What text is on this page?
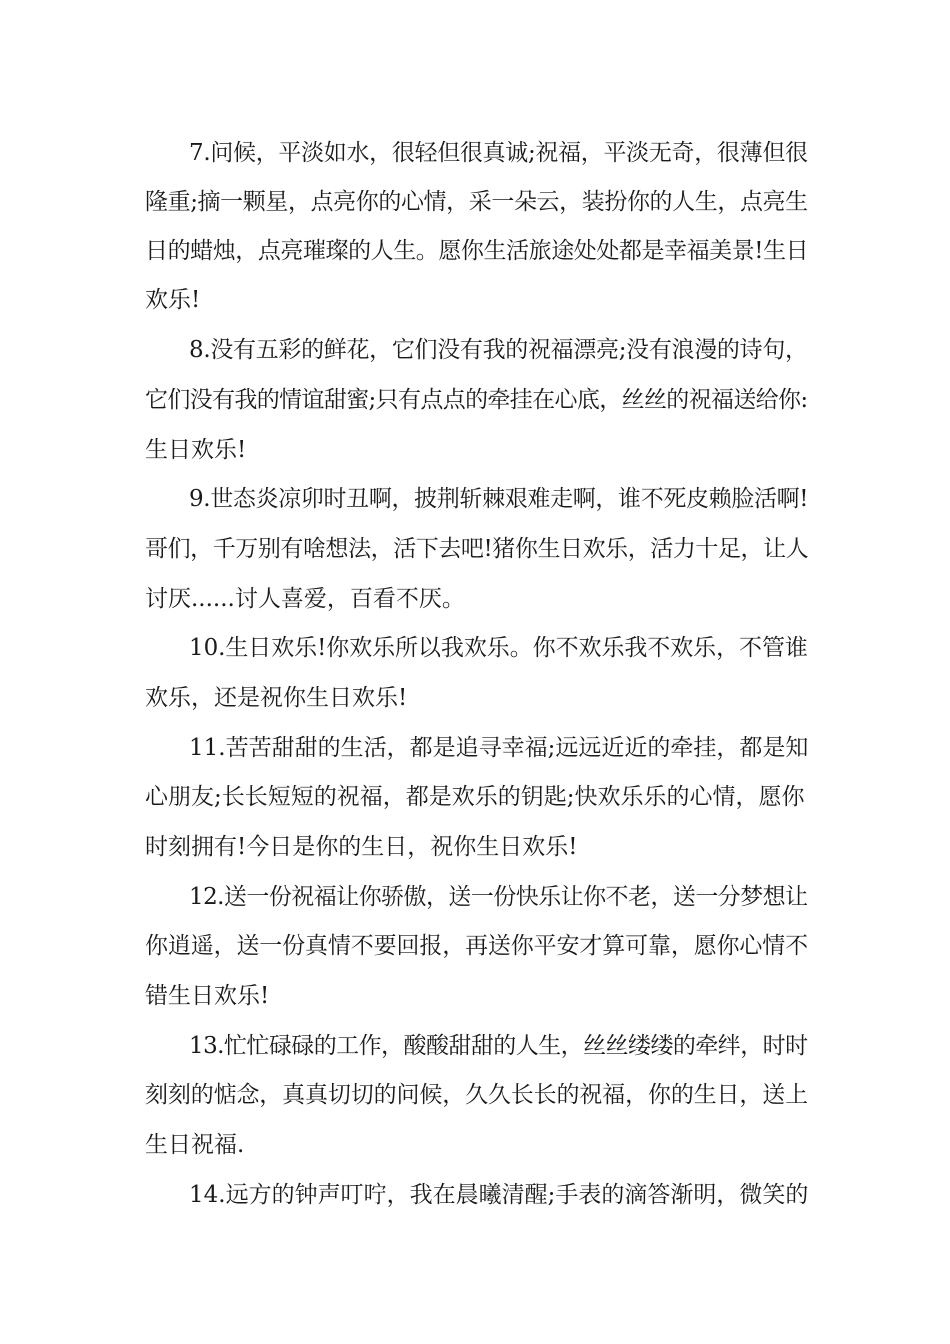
7.问候，平淡如水，很轻但很真诚;祝福，平淡无奇，很薄但很
隆重;摘一颗星，点亮你的心情，采一朵云，装扮你的人生，点亮生
日的蜡烛，点亮璀璨的人生。愿你生活旅途处处都是幸福美景!生日
欢乐!
8.没有五彩的鲜花，它们没有我的祝福漂亮;没有浪漫的诗句，
它们没有我的情谊甜蜜;只有点点的牵挂在心底，丝丝的祝福送给你:
生日欢乐!
9.世态炎凉卯时丑啊，披荆斩棘艰难走啊，谁不死皮赖脸活啊!
哥们，千万别有啥想法，活下去吧!猪你生日欢乐，活力十足，让人
讨厌......讨人喜爱，百看不厌。
10.生日欢乐!你欢乐所以我欢乐。你不欢乐我不欢乐，不管谁
欢乐，还是祝你生日欢乐!
11.苦苦甜甜的生活，都是追寻幸福;远远近近的牵挂，都是知
心朋友;长长短短的祝福，都是欢乐的钥匙;快欢乐乐的心情，愿你
时刻拥有!今日是你的生日，祝你生日欢乐!
12.送一份祝福让你骄傲，送一份快乐让你不老，送一分梦想让
你逍遥，送一份真情不要回报，再送你平安才算可靠，愿你心情不
错生日欢乐!
13.忙忙碌碌的工作，酸酸甜甜的人生，丝丝缕缕的牵绊，时时
刻刻的惦念，真真切切的问候，久久长长的祝福，你的生日，送上
生日祝福.
14.远方的钟声叮咛，我在晨曦清醒;手表的滴答渐明，微笑的
